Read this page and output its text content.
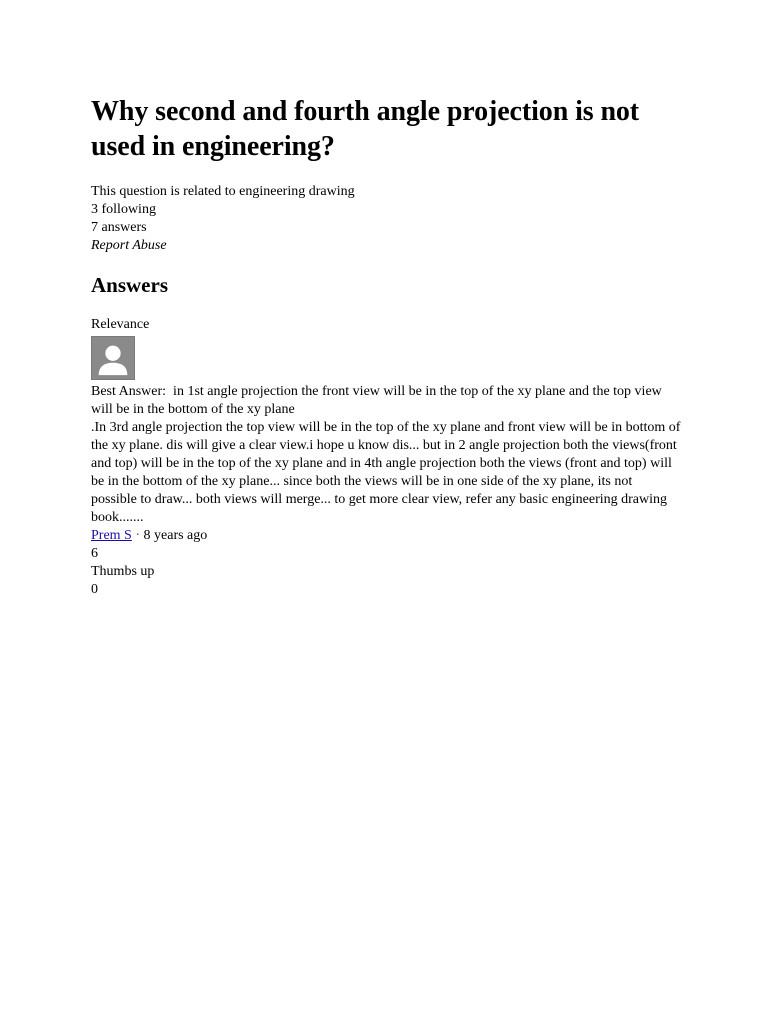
Why second and fourth angle projection is not used in engineering?

This question is related to engineering drawing

3 following

7 answers

Report Abuse

Answers

Relevance

Best Answer:  in 1st angle projection the front view will be in the top of the xy plane and the top view will be in the bottom of the xy plane
.In 3rd angle projection the top view will be in the top of the xy plane and front view will be in bottom of the xy plane. dis will give a clear view.i hope u know dis... but in 2 angle projection both the views(front and top) will be in the top of the xy plane and in 4th angle projection both the views (front and top) will be in the bottom of the xy plane... since both the views will be in one side of the xy plane, its not possible to draw... both views will merge... to get more clear view, refer any basic engineering drawing book.......

Prem S · 8 years ago

6

Thumbs up

0
